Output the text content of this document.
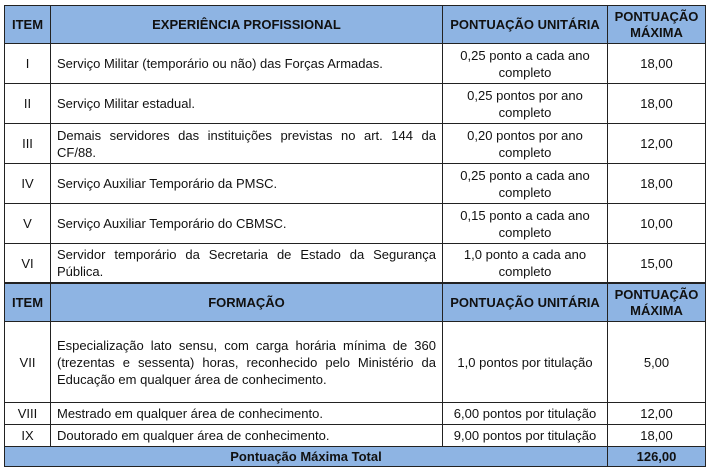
ITEM	EXPERIÊNCIA PROFISSIONAL	PONTUAÇÃO UNITÁRIA	PONTUAÇÃO MÁXIMA
I	Serviço Militar (temporário ou não) das Forças Armadas.	0,25 ponto a cada ano completo	18,00
II	Serviço Militar estadual.	0,25 pontos por ano completo	18,00
III	Demais servidores das instituições previstas no art. 144 da CF/88.	0,20 pontos por ano completo	12,00
IV	Serviço Auxiliar Temporário da PMSC.	0,25 ponto a cada ano completo	18,00
V	Serviço Auxiliar Temporário do CBMSC.	0,15 ponto a cada ano completo	10,00
VI	Servidor temporário da Secretaria de Estado da Segurança Pública.	1,0 ponto a cada ano completo	15,00
ITEM	FORMAÇÃO	PONTUAÇÃO UNITÁRIA	PONTUAÇÃO MÁXIMA
VII	Especialização lato sensu, com carga horária mínima de 360 (trezentas e sessenta) horas, reconhecido pelo Ministério da Educação em qualquer área de conhecimento.	1,0 pontos por titulação	5,00
VIII	Mestrado em qualquer área de conhecimento.	6,00 pontos por titulação	12,00
IX	Doutorado em qualquer área de conhecimento.	9,00 pontos por titulação	18,00
Pontuação Máxima Total			126,00
